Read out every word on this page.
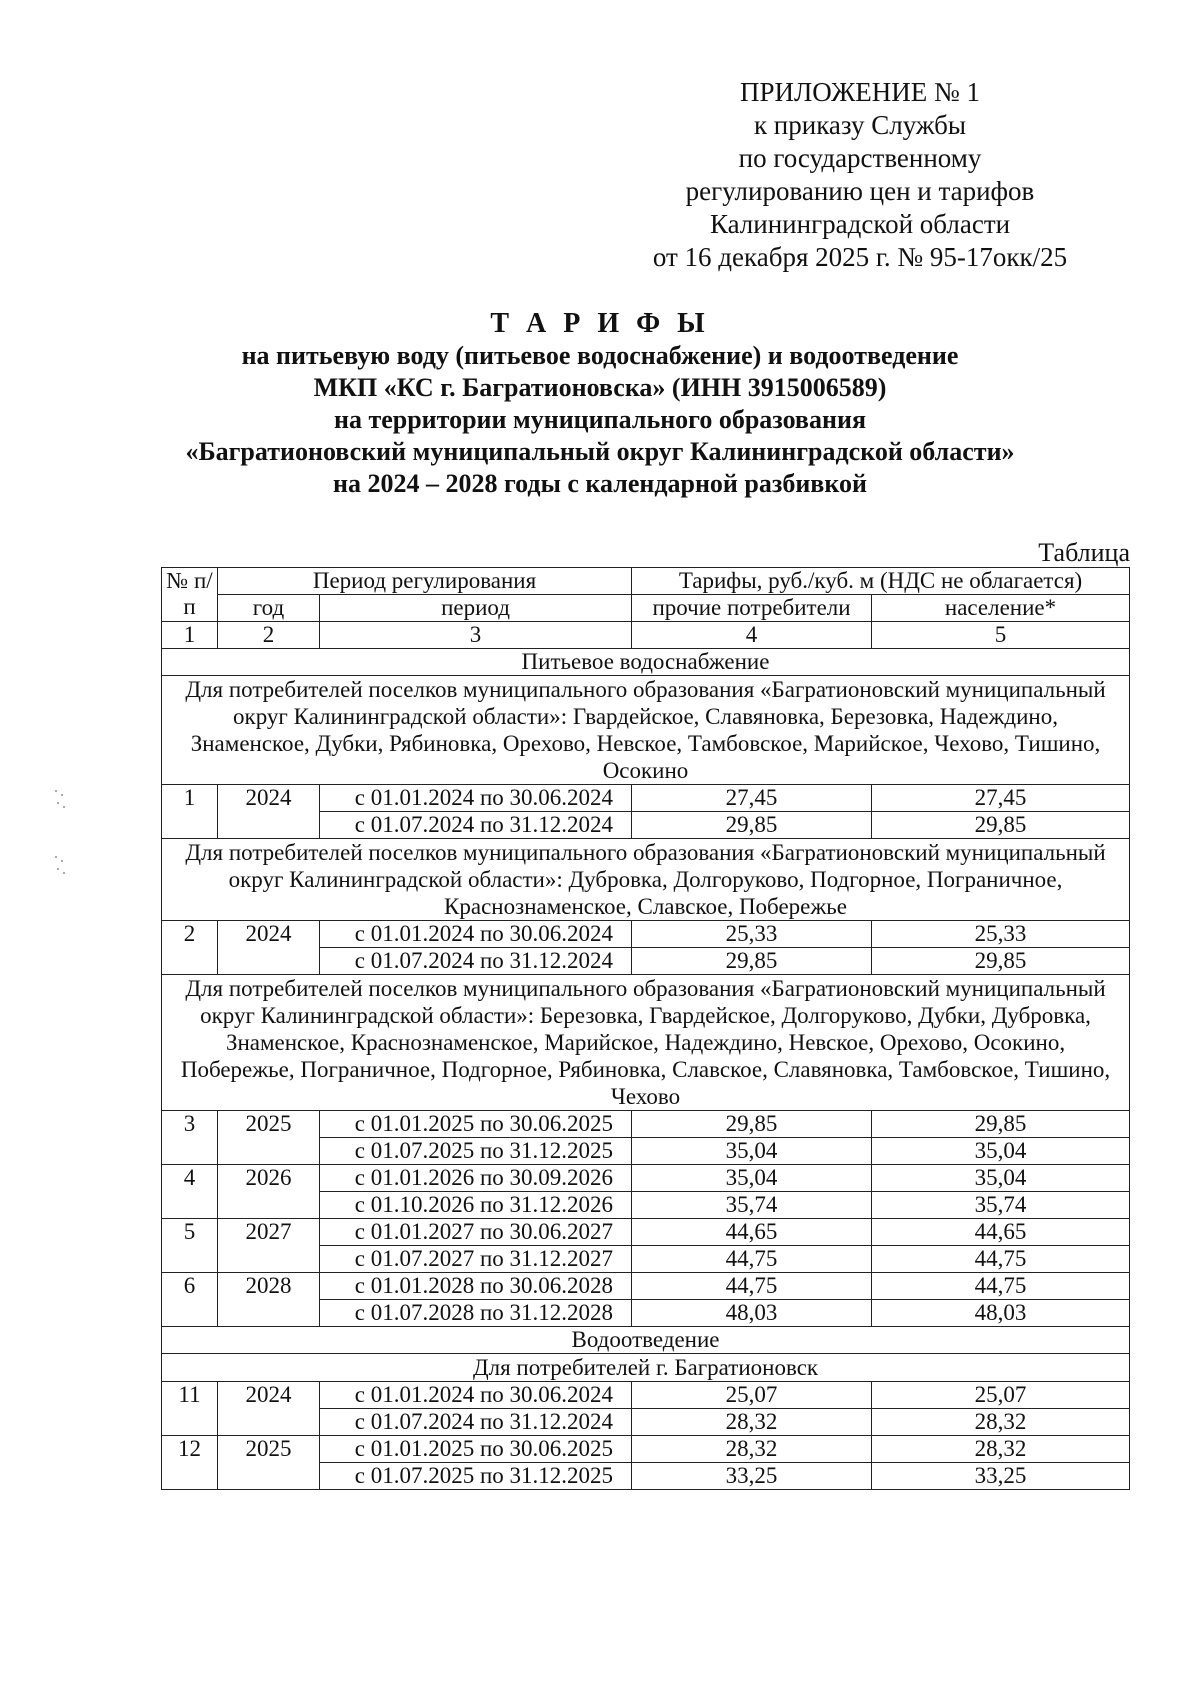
ПРИЛОЖЕНИЕ № 1
к приказу Службы
по государственному
регулированию цен и тарифов
Калининградской области
от 16 декабря 2025 г. № 95-17окк/25
Т А Р И Ф Ы
на питьевую воду (питьевое водоснабжение) и водоотведение
МКП «КС г. Багратионовска» (ИНН 3915006589)
на территории муниципального образования
«Багратионовский муниципальный округ Калининградской области»
на 2024 – 2028 годы с календарной разбивкой
Таблица
№ п/п	Период регулирования		Тарифы, руб./куб. м (НДС не облагается)	
	год	период	прочие потребители	население*
1	2	3	4	5
Питьевое водоснабжение				
Для потребителей поселков муниципального образования «Багратионовский муниципальный округ Калининградской области»: Гвардейское, Славяновка, Березовка, Надеждино, Знаменское, Дубки, Рябиновка, Орехово, Невское, Тамбовское, Марийское, Чехово, Тишино, Осокино				
1	2024	с 01.01.2024 по 30.06.2024	27,45	27,45
		с 01.07.2024 по 31.12.2024	29,85	29,85
Для потребителей поселков муниципального образования «Багратионовский муниципальный округ Калининградской области»: Дубровка, Долгоруково, Подгорное, Пограничное, Краснознаменское, Славское, Побережье				
2	2024	с 01.01.2024 по 30.06.2024	25,33	25,33
		с 01.07.2024 по 31.12.2024	29,85	29,85
Для потребителей поселков муниципального образования «Багратионовский муниципальный округ Калининградской области»: Березовка, Гвардейское, Долгоруково, Дубки, Дубровка, Знаменское, Краснознаменское, Марийское, Надеждино, Невское, Орехово, Осокино, Побережье, Пограничное, Подгорное, Рябиновка, Славское, Славяновка, Тамбовское, Тишино, Чехово				
3	2025	с 01.01.2025 по 30.06.2025	29,85	29,85
		с 01.07.2025 по 31.12.2025	35,04	35,04
4	2026	с 01.01.2026 по 30.09.2026	35,04	35,04
		с 01.10.2026 по 31.12.2026	35,74	35,74
5	2027	с 01.01.2027 по 30.06.2027	44,65	44,65
		с 01.07.2027 по 31.12.2027	44,75	44,75
6	2028	с 01.01.2028 по 30.06.2028	44,75	44,75
		с 01.07.2028 по 31.12.2028	48,03	48,03
Водоотведение				
Для потребителей г. Багратионовск				
11	2024	с 01.01.2024 по 30.06.2024	25,07	25,07
		с 01.07.2024 по 31.12.2024	28,32	28,32
12	2025	с 01.01.2025 по 30.06.2025	28,32	28,32
		с 01.07.2025 по 31.12.2025	33,25	33,25
